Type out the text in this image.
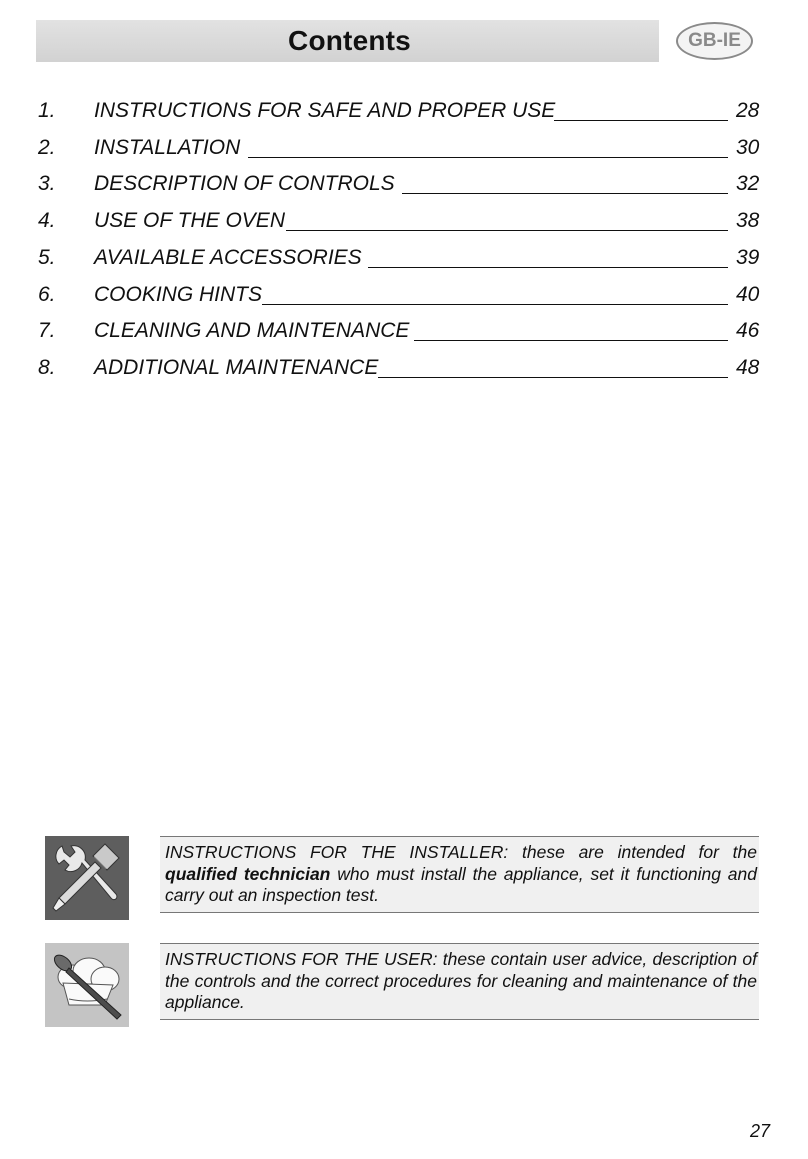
Contents	GB-IE
1. INSTRUCTIONS FOR SAFE AND PROPER USE	28
2. INSTALLATION	30
3. DESCRIPTION OF CONTROLS	32
4. USE OF THE OVEN	38
5. AVAILABLE ACCESSORIES	39
6. COOKING HINTS	40
7. CLEANING AND MAINTENANCE	46
8. ADDITIONAL MAINTENANCE	48
INSTRUCTIONS FOR THE INSTALLER: these are intended for the qualified technician who must install the appliance, set it functioning and carry out an inspection test.
INSTRUCTIONS FOR THE USER: these contain user advice, description of the controls and the correct procedures for cleaning and maintenance of the appliance.
27
